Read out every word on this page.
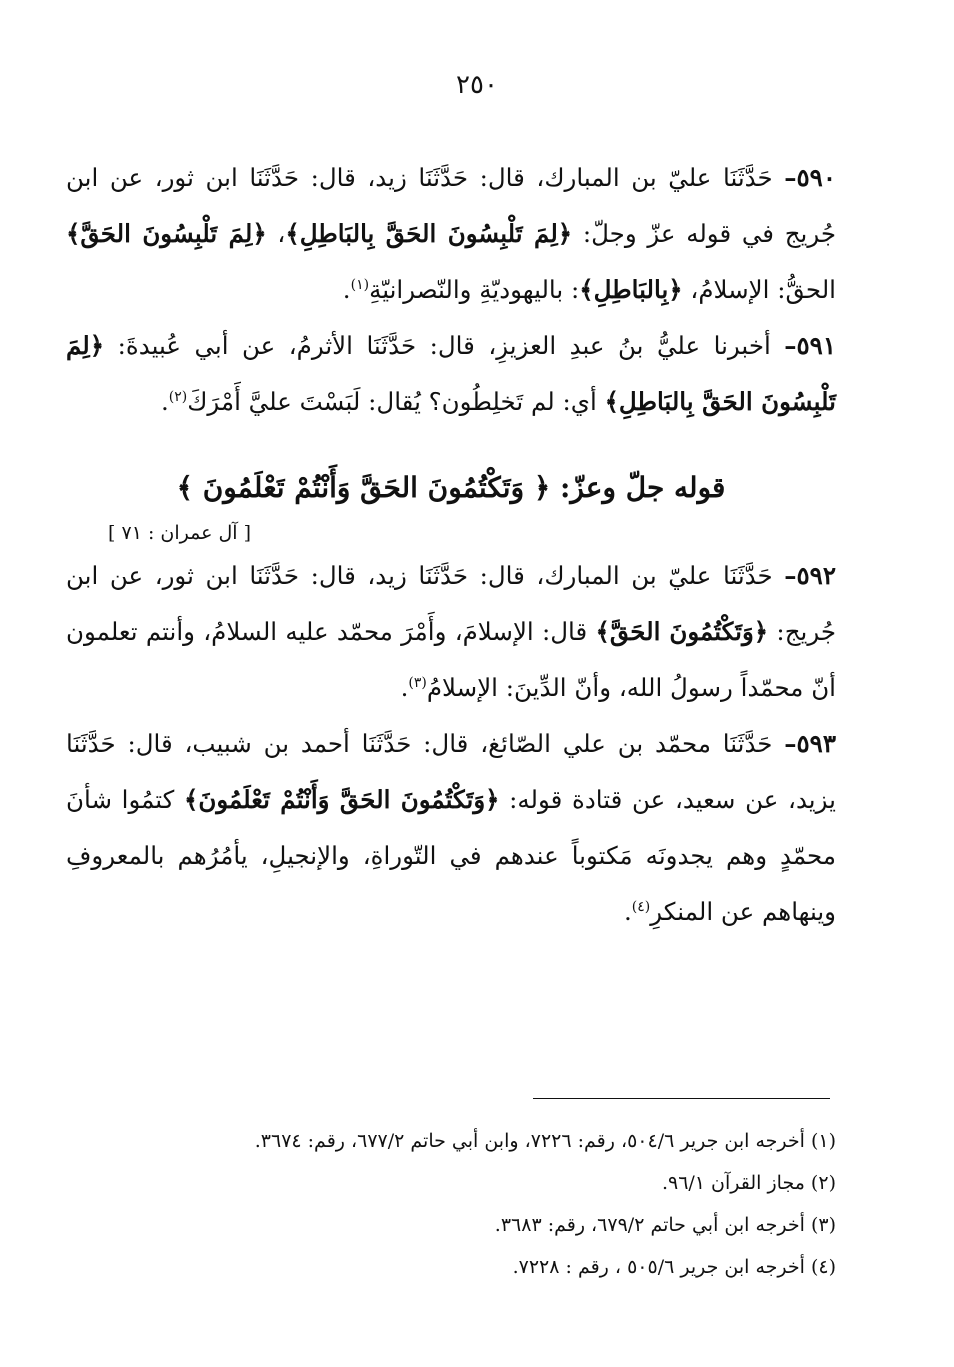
٢٥٠

٥٩٠– حَدَّثَنَا عليّ بن المبارك، قال: حَدَّثَنَا زيد، قال: حَدَّثَنَا ابن ثور، عن ابن جُريج في قوله عزّ وجلّ: ﴿لِمَ تَلْبِسُونَ الحَقَّ بِالبَاطِلِ﴾، ﴿لِمَ تَلْبِسُونَ الحَقَّ﴾ الحقُّ: الإسلامُ، ﴿بِالبَاطِلِ﴾: باليهوديّةِ والنّصرانيّةِ$^{(١)}$.

٥٩١– أخبرنا عليُّ بنُ عبدِ العزيزِ، قال: حَدَّثَنَا الأثرمُ، عن أبي عُبيدةَ: ﴿لِمَ تَلْبِسُونَ الحَقَّ بِالبَاطِلِ﴾ أي: لم تَخلِطُون؟ يُقال: لَبَسْتَ عليَّ أَمْرَكَ$^{(٢)}$.

قوله جلّ وعزّ: ﴿ وَتَكْتُمُونَ الحَقَّ وَأَنْتُمْ تَعْلَمُونَ ﴾
[ آل عمران : ٧١ ]

٥٩٢– حَدَّثَنَا عليّ بن المبارك، قال: حَدَّثَنَا زيد، قال: حَدَّثَنَا ابن ثور، عن ابن جُريج: ﴿وَتَكْتُمُونَ الحَقَّ﴾ قال: الإسلامَ، وأَمْرَ محمّد عليه السلامُ، وأنتم تعلمون أنّ محمّداً رسولُ الله، وأنّ الدِّينَ: الإسلامُ$^{(٣)}$.

٥٩٣– حَدَّثَنَا محمّد بن علي الصّائغ، قال: حَدَّثَنَا أحمد بن شبيب، قال: حَدَّثَنَا يزيد، عن سعيد، عن قتادة قوله: ﴿وَتَكْتُمُونَ الحَقَّ وَأَنْتُمْ تَعْلَمُونَ﴾ كتمُوا شأنَ محمّدٍ وهم يجدونَه مَكتوباً عندهم في التّوراةِ، والإنجيلِ، يأمُرُهم بالمعروفِ وينهاهم عن المنكرِ$^{(٤)}$.

(١) أخرجه ابن جرير ٥٠٤/٦، رقم: ٧٢٢٦، وابن أبي حاتم ٦٧٧/٢، رقم: ٣٦٧٤.

(٢) مجاز القرآن ٩٦/١.

(٣) أخرجه ابن أبي حاتم ٦٧٩/٢، رقم: ٣٦٨٣.

(٤) أخرجه ابن جرير ٥٠٥/٦ ، رقم : ٧٢٢٨.
